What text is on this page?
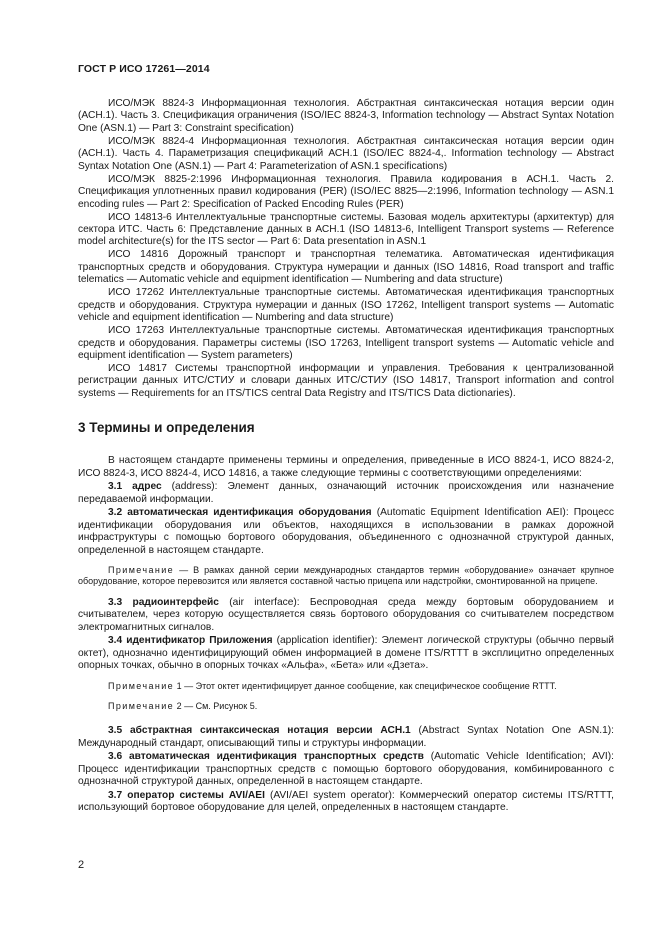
ГОСТ Р ИСО 17261—2014

ИСО/МЭК 8824-3 Информационная технология. Абстрактная синтаксическая нотация версии один (АСН.1). Часть 3. Спецификация ограничения (ISO/IEC 8824-3, Information technology — Abstract Syntax Notation One (ASN.1) — Part 3: Constraint specification)

ИСО/МЭК 8824-4 Информационная технология. Абстрактная синтаксическая нотация версии один (АСН.1). Часть 4. Параметризация спецификаций АСН.1 (ISO/IEC 8824-4,. Information technology — Abstract Syntax Notation One (ASN.1) — Part 4: Parameterization of ASN.1 specifications)

ИСО/МЭК 8825-2:1996 Информационная технология. Правила кодирования в АСН.1. Часть 2. Спецификация уплотненных правил кодирования (PER) (ISO/IEC 8825—2:1996, Information technology — ASN.1 encoding rules — Part 2: Specification of Packed Encoding Rules (PER)

ИСО 14813-6 Интеллектуальные транспортные системы. Базовая модель архитектуры (архитектур) для сектора ИТС. Часть 6: Представление данных в АСН.1 (ISO 14813-6, Intelligent Transport systems — Reference model architecture(s) for the ITS sector — Part 6: Data presentation in ASN.1

ИСО 14816 Дорожный транспорт и транспортная телематика. Автоматическая идентификация транспортных средств и оборудования. Структура нумерации и данных (ISO 14816, Road transport and traffic telematics — Automatic vehicle and equipment identification — Numbering and data structure)

ИСО 17262 Интеллектуальные транспортные системы. Автоматическая идентификация транспортных средств и оборудования. Структура нумерации и данных (ISO 17262, Intelligent transport systems — Automatic vehicle and equipment identification — Numbering and data structure)

ИСО 17263 Интеллектуальные транспортные системы. Автоматическая идентификация транспортных средств и оборудования. Параметры системы (ISO 17263, Intelligent transport systems — Automatic vehicle and equipment identification — System parameters)

ИСО 14817 Системы транспортной информации и управления. Требования к централизованной регистрации данных ИТС/СТИУ и словари данных ИТС/СТИУ (ISO 14817, Transport information and control systems — Requirements for an ITS/TICS central Data Registry and ITS/TICS Data dictionaries).

3 Термины и определения

В настоящем стандарте применены термины и определения, приведенные в ИСО 8824-1, ИСО 8824-2, ИСО 8824-3, ИСО 8824-4, ИСО 14816, а также следующие термины с соответствующими определениями:

3.1 адрес (address): Элемент данных, означающий источник происхождения или назначение передаваемой информации.

3.2 автоматическая идентификация оборудования (Automatic Equipment Identification AEI): Процесс идентификации оборудования или объектов, находящихся в использовании в рамках дорожной инфраструктуры с помощью бортового оборудования, объединенного с однозначной структурой данных, определенной в настоящем стандарте.

Примечание — В рамках данной серии международных стандартов термин «оборудование» означает крупное оборудование, которое перевозится или является составной частью прицепа или надстройки, смонтированной на прицепе.

3.3 радиоинтерфейс (air interface): Беспроводная среда между бортовым оборудованием и считывателем, через которую осуществляется связь бортового оборудования со считывателем посредством электромагнитных сигналов.

3.4 идентификатор Приложения (application identifier): Элемент логической структуры (обычно первый октет), однозначно идентифицирующий обмен информацией в домене ITS/RTTT в эксплицитно определенных опорных точках, обычно в опорных точках «Альфа», «Бета» или «Дзета».

Примечание 1 — Этот октет идентифицирует данное сообщение, как специфическое сообщение RTTT.

Примечание 2 — См. Рисунок 5.

3.5 абстрактная синтаксическая нотация версии АСН.1 (Abstract Syntax Notation One ASN.1): Международный стандарт, описывающий типы и структуры информации.

3.6 автоматическая идентификация транспортных средств (Automatic Vehicle Identification; AVI): Процесс идентификации транспортных средств с помощью бортового оборудования, комбинированного с однозначной структурой данных, определенной в настоящем стандарте.

3.7 оператор системы AVI/AEI (AVI/AEI system operator): Коммерческий оператор системы ITS/RTTT, использующий бортовое оборудование для целей, определенных в настоящем стандарте.

2
